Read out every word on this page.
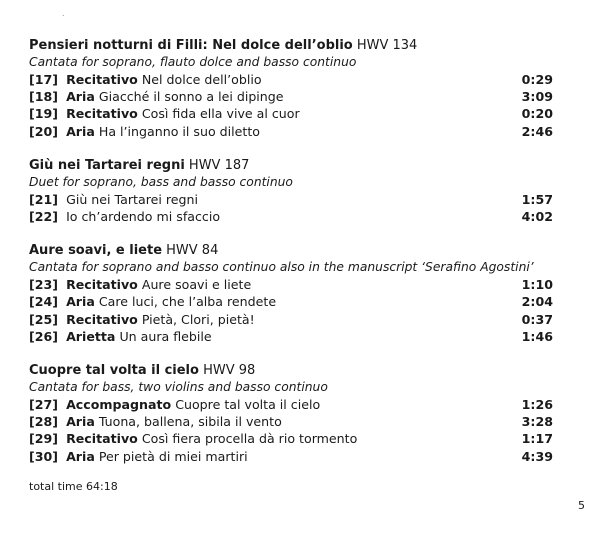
.
Pensieri notturni di Filli: Nel dolce dell’oblio HWV 134
Cantata for soprano, flauto dolce and basso continuo
[17] Recitativo Nel dolce dell’oblio	0:29
[18] Aria Giacché il sonno a lei dipinge	3:09
[19] Recitativo Così fida ella vive al cuor	0:20
[20] Aria Ha l’inganno il suo diletto	2:46
Giù nei Tartarei regni HWV 187
Duet for soprano, bass and basso continuo
[21] Giù nei Tartarei regni	1:57
[22] Io ch’ardendo mi sfaccio	4:02
Aure soavi, e liete HWV 84
Cantata for soprano and basso continuo also in the manuscript ‘Serafino Agostini’
[23] Recitativo Aure soavi e liete	1:10
[24] Aria Care luci, che l’alba rendete	2:04
[25] Recitativo Pietà, Clori, pietà!	0:37
[26] Arietta Un aura flebile	1:46
Cuopre tal volta il cielo HWV 98
Cantata for bass, two violins and basso continuo
[27] Accompagnato Cuopre tal volta il cielo	1:26
[28] Aria Tuona, ballena, sibila il vento	3:28
[29] Recitativo Così fiera procella dà rio tormento	1:17
[30] Aria Per pietà di miei martiri	4:39
total time 64:18
5
